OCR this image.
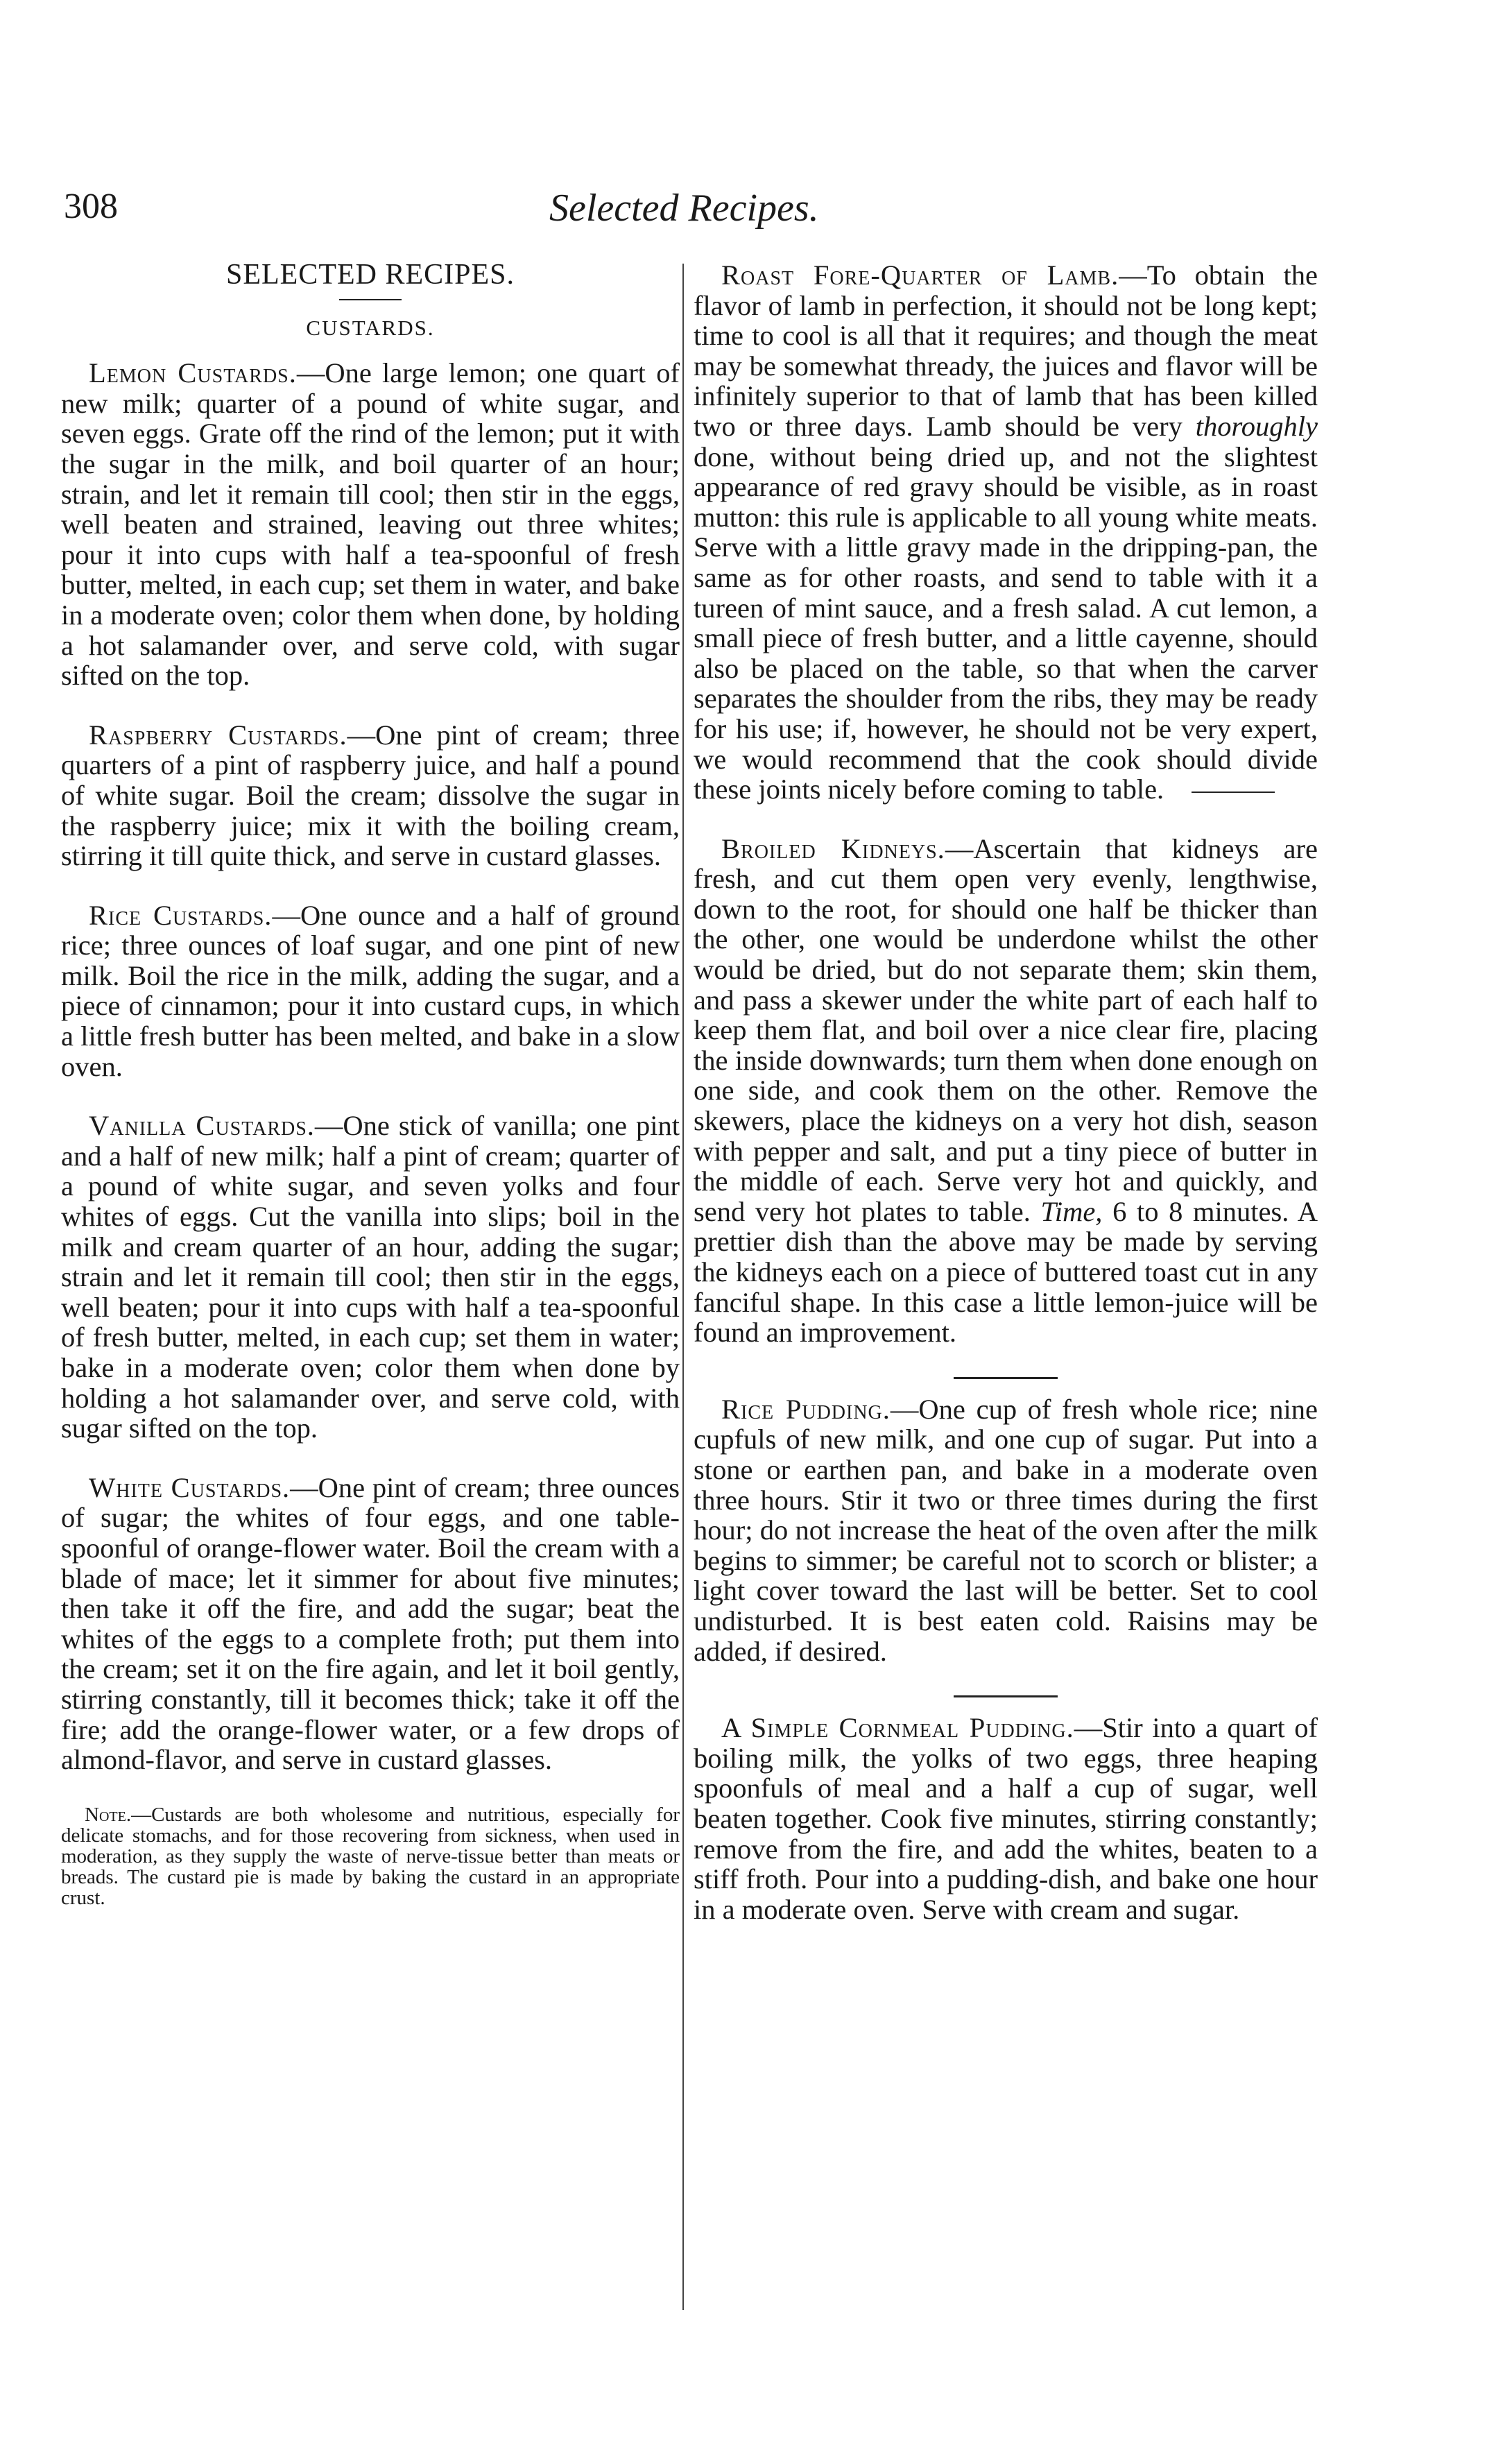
308	Selected Recipes.
SELECTED RECIPES.
CUSTARDS.

Lemon Custards.—One large lemon; one quart of new milk; quarter of a pound of white sugar, and seven eggs. Grate off the rind of the lemon; put it with the sugar in the milk, and boil quarter of an hour; strain, and let it remain till cool; then stir in the eggs, well beaten and strained, leaving out three whites; pour it into cups with half a tea-spoonful of fresh butter, melted, in each cup; set them in water, and bake in a moderate oven; color them when done, by holding a hot salamander over, and serve cold, with sugar sifted on the top.

Raspberry Custards.—One pint of cream; three quarters of a pint of raspberry juice, and half a pound of white sugar. Boil the cream; dissolve the sugar in the raspberry juice; mix it with the boiling cream, stirring it till quite thick, and serve in custard glasses.

Rice Custards.—One ounce and a half of ground rice; three ounces of loaf sugar, and one pint of new milk. Boil the rice in the milk, adding the sugar, and a piece of cinnamon; pour it into custard cups, in which a little fresh butter has been melted, and bake in a slow oven.

Vanilla Custards.—One stick of vanilla; one pint and a half of new milk; half a pint of cream; quarter of a pound of white sugar, and seven yolks and four whites of eggs. Cut the vanilla into slips; boil in the milk and cream quarter of an hour, adding the sugar; strain and let it remain till cool; then stir in the eggs, well beaten; pour it into cups with half a tea-spoonful of fresh butter, melted, in each cup; set them in water; bake in a moderate oven; color them when done by holding a hot salamander over, and serve cold, with sugar sifted on the top.

White Custards.—One pint of cream; three ounces of sugar; the whites of four eggs, and one table-spoonful of orange-flower water. Boil the cream with a blade of mace; let it simmer for about five minutes; then take it off the fire, and add the sugar; beat the whites of the eggs to a complete froth; put them into the cream; set it on the fire again, and let it boil gently, stirring constantly, till it becomes thick; take it off the fire; add the orange-flower water, or a few drops of almond-flavor, and serve in custard glasses.

Note.—Custards are both wholesome and nutritious, especially for delicate stomachs, and for those recovering from sickness, when used in moderation, as they supply the waste of nerve-tissue better than meats or breads. The custard pie is made by baking the custard in an appropriate crust.

Roast Fore-Quarter of Lamb.—To obtain the flavor of lamb in perfection, it should not be long kept; time to cool is all that it requires; and though the meat may be somewhat thready, the juices and flavor will be infinitely superior to that of lamb that has been killed two or three days. Lamb should be very thoroughly done, without being dried up, and not the slightest appearance of red gravy should be visible, as in roast mutton: this rule is applicable to all young white meats. Serve with a little gravy made in the dripping-pan, the same as for other roasts, and send to table with it a tureen of mint sauce, and a fresh salad. A cut lemon, a small piece of fresh butter, and a little cayenne, should also be placed on the table, so that when the carver separates the shoulder from the ribs, they may be ready for his use; if, however, he should not be very expert, we would recommend that the cook should divide these joints nicely before coming to table.

Broiled Kidneys.—Ascertain that kidneys are fresh, and cut them open very evenly, lengthwise, down to the root, for should one half be thicker than the other, one would be underdone whilst the other would be dried, but do not separate them; skin them, and pass a skewer under the white part of each half to keep them flat, and boil over a nice clear fire, placing the inside downwards; turn them when done enough on one side, and cook them on the other. Remove the skewers, place the kidneys on a very hot dish, season with pepper and salt, and put a tiny piece of butter in the middle of each. Serve very hot and quickly, and send very hot plates to table. Time, 6 to 8 minutes. A prettier dish than the above may be made by serving the kidneys each on a piece of buttered toast cut in any fanciful shape. In this case a little lemon-juice will be found an improvement.

Rice Pudding.—One cup of fresh whole rice; nine cupfuls of new milk, and one cup of sugar. Put into a stone or earthen pan, and bake in a moderate oven three hours. Stir it two or three times during the first hour; do not increase the heat of the oven after the milk begins to simmer; be careful not to scorch or blister; a light cover toward the last will be better. Set to cool undisturbed. It is best eaten cold. Raisins may be added, if desired.

A Simple Cornmeal Pudding.—Stir into a quart of boiling milk, the yolks of two eggs, three heaping spoonfuls of meal and a half a cup of sugar, well beaten together. Cook five minutes, stirring constantly; remove from the fire, and add the whites, beaten to a stiff froth. Pour into a pudding-dish, and bake one hour in a moderate oven. Serve with cream and sugar.
